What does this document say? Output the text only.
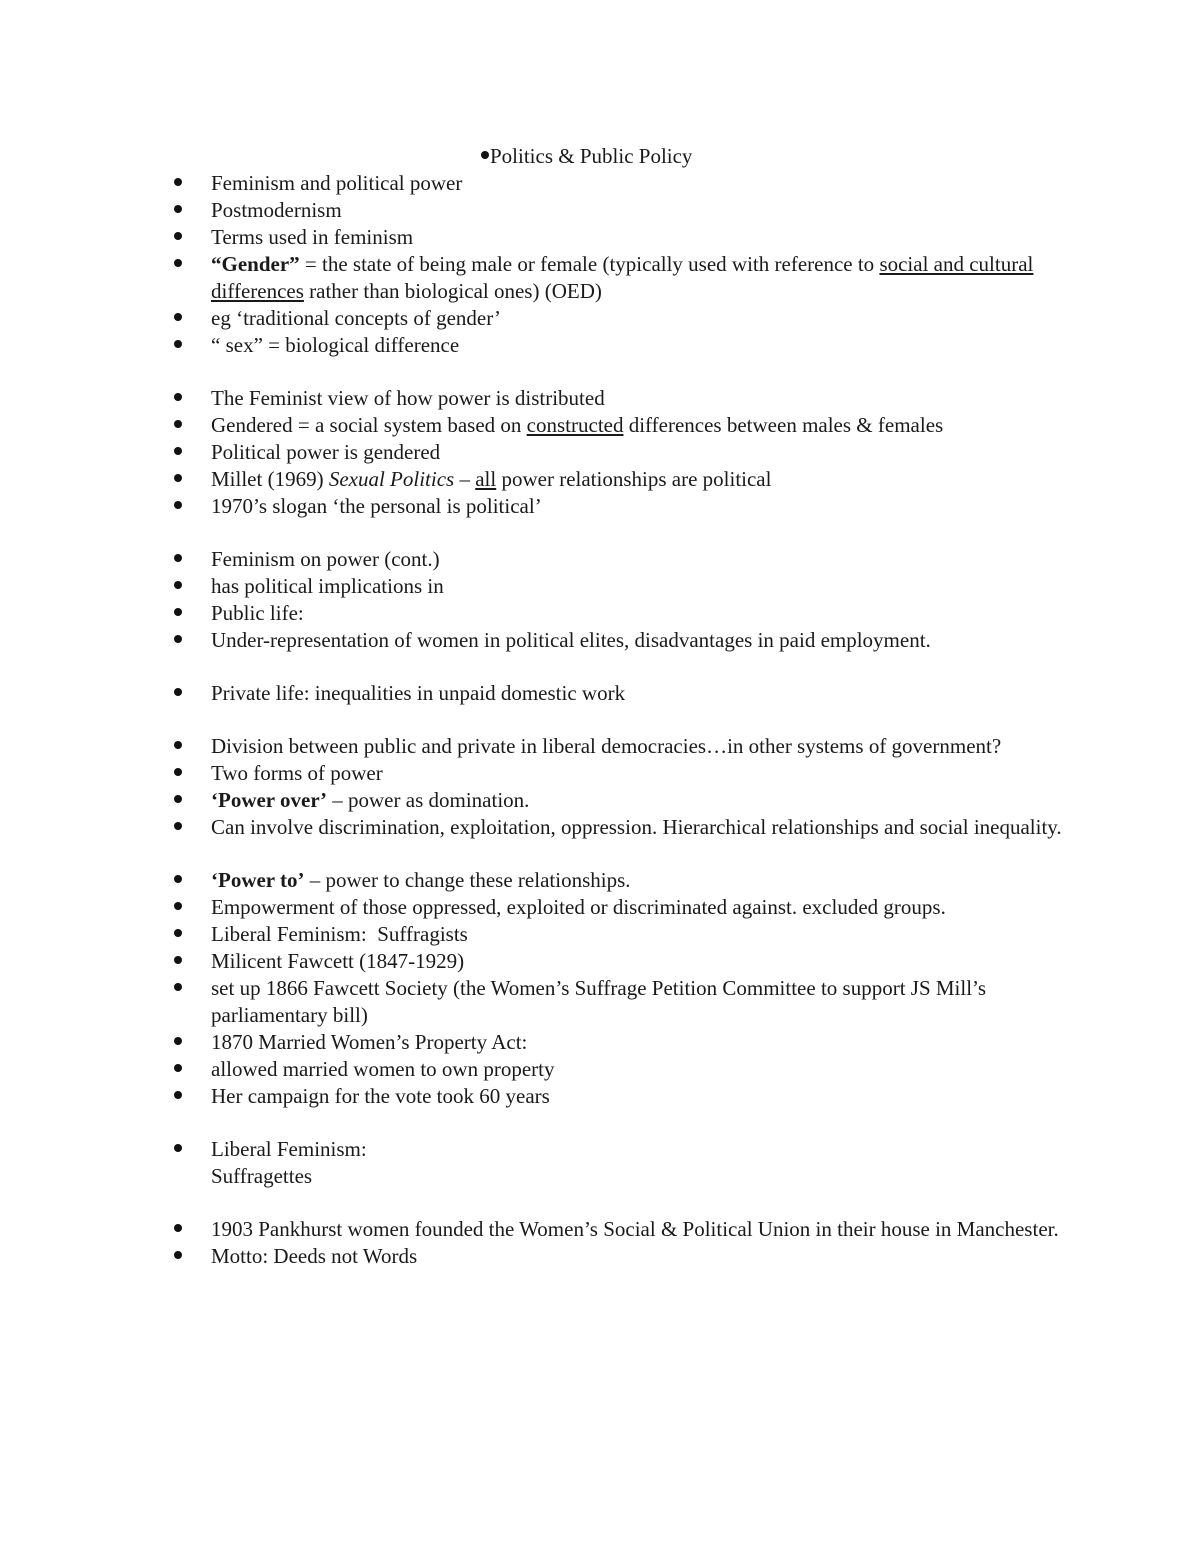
Politics & Public Policy
Feminism and political power
Postmodernism
Terms used in feminism
“Gender” = the state of being male or female (typically used with reference to social and cultural differences rather than biological ones) (OED)
eg ‘traditional concepts of gender’
“ sex” = biological difference
The Feminist view of how power is distributed
Gendered = a social system based on constructed differences between males & females
Political power is gendered
Millet (1969) Sexual Politics – all power relationships are political
1970’s slogan ‘the personal is political’
Feminism on power (cont.)
has political implications in
Public life:
Under-representation of women in political elites, disadvantages in paid employment.
Private life: inequalities in unpaid domestic work
Division between public and private in liberal democracies…in other systems of government?
Two forms of power
‘Power over’ – power as domination.
Can involve discrimination, exploitation, oppression. Hierarchical relationships and social inequality.
‘Power to’ – power to change these relationships.
Empowerment of those oppressed, exploited or discriminated against. excluded groups.
Liberal Feminism:  Suffragists
Milicent Fawcett (1847-1929)
set up 1866 Fawcett Society (the Women’s Suffrage Petition Committee to support JS Mill’s parliamentary bill)
1870 Married Women’s Property Act:
allowed married women to own property
Her campaign for the vote took 60 years
Liberal Feminism:
Suffragettes
1903 Pankhurst women founded the Women’s Social & Political Union in their house in Manchester.
Motto: Deeds not Words
